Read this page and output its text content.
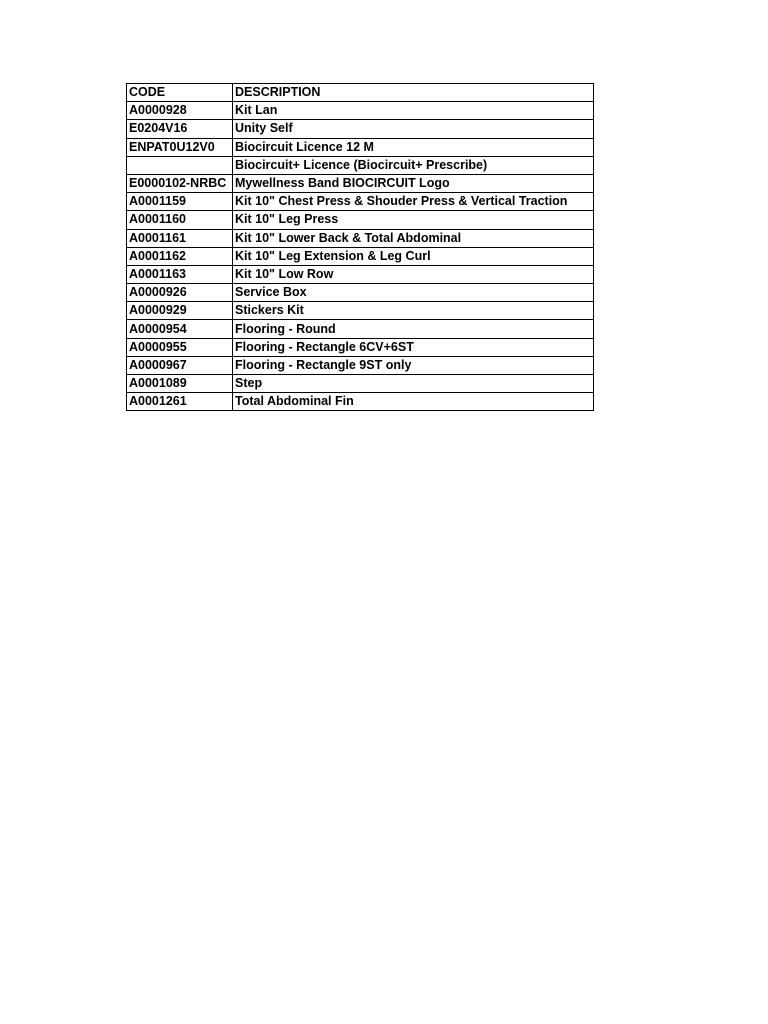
CODE	DESCRIPTION
A0000928	Kit Lan
E0204V16	Unity Self
ENPAT0U12V0	Biocircuit Licence 12 M
	Biocircuit+ Licence (Biocircuit+ Prescribe)
E0000102-NRBC	Mywellness Band BIOCIRCUIT Logo
A0001159	Kit 10" Chest Press & Shouder Press & Vertical Traction
A0001160	Kit 10" Leg Press
A0001161	Kit 10" Lower Back & Total Abdominal
A0001162	Kit 10" Leg Extension & Leg Curl
A0001163	Kit 10" Low Row
A0000926	Service Box
A0000929	Stickers Kit
A0000954	Flooring - Round
A0000955	Flooring - Rectangle 6CV+6ST
A0000967	Flooring - Rectangle 9ST only
A0001089	Step
A0001261	Total Abdominal Fin
